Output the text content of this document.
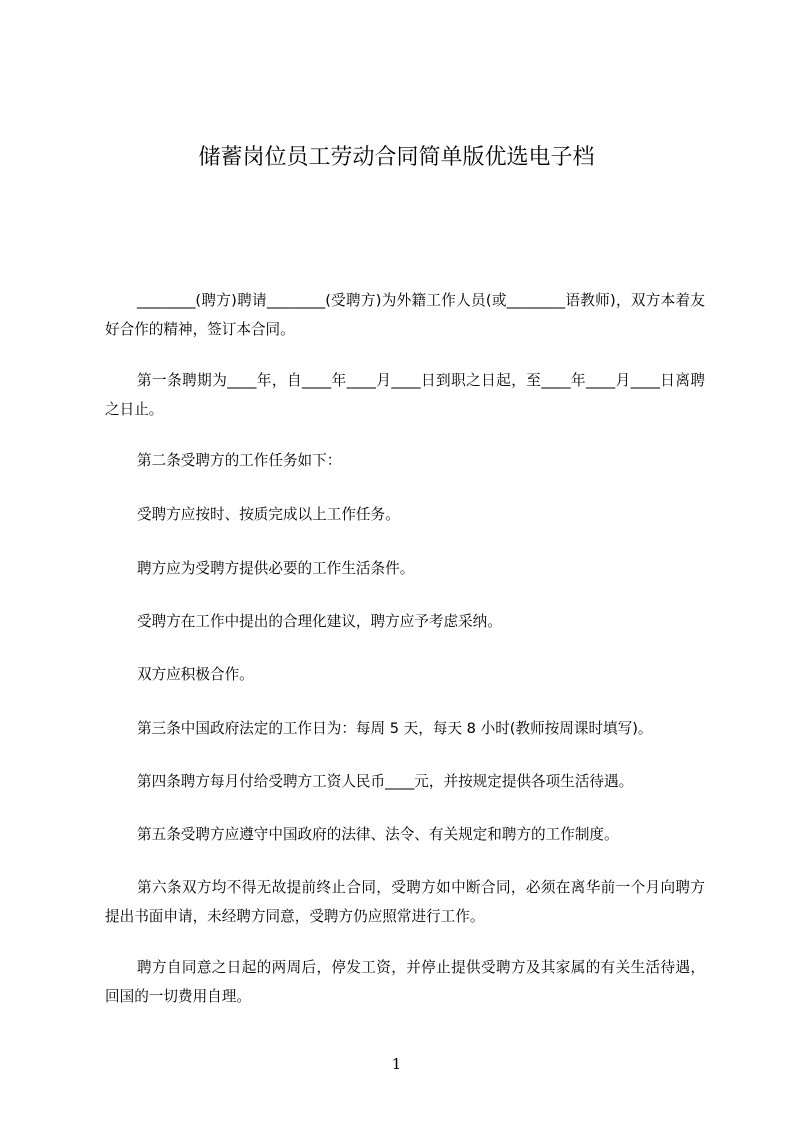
储蓄岗位员工劳动合同简单版优选电子档
________(聘方)聘请________(受聘方)为外籍工作人员(或________语教师)，双方本着友好合作的精神，签订本合同。
第一条聘期为____年，自____年____月____日到职之日起，至____年____月____日离聘之日止。
第二条受聘方的工作任务如下：
受聘方应按时、按质完成以上工作任务。
聘方应为受聘方提供必要的工作生活条件。
受聘方在工作中提出的合理化建议，聘方应予考虑采纳。
双方应积极合作。
第三条中国政府法定的工作日为：每周 5 天，每天 8 小时(教师按周课时填写)。
第四条聘方每月付给受聘方工资人民币____元，并按规定提供各项生活待遇。
第五条受聘方应遵守中国政府的法律、法令、有关规定和聘方的工作制度。
第六条双方均不得无故提前终止合同，受聘方如中断合同，必须在离华前一个月向聘方提出书面申请，未经聘方同意，受聘方仍应照常进行工作。
聘方自同意之日起的两周后，停发工资，并停止提供受聘方及其家属的有关生活待遇，回国的一切费用自理。
1
